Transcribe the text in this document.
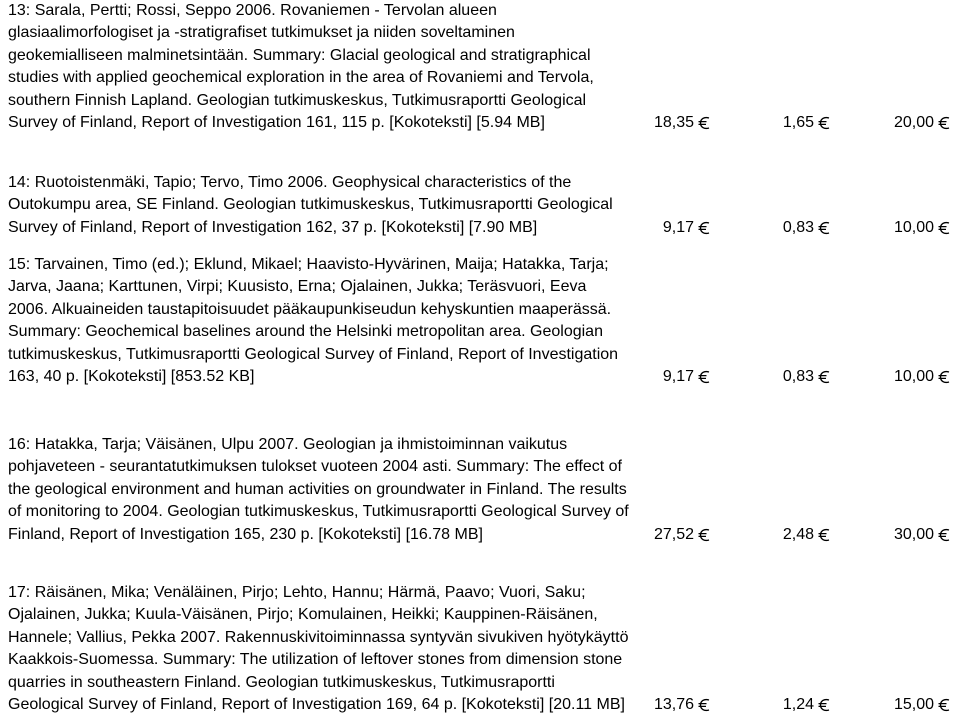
13: Sarala, Pertti; Rossi, Seppo 2006. Rovaniemen - Tervolan alueen
glasiaalimorfologiset ja -stratigrafiset tutkimukset ja niiden soveltaminen
geokemialliseen malminetsintään. Summary: Glacial geological and stratigraphical
studies with applied geochemical exploration in the area of Rovaniemi and Tervola,
southern Finnish Lapland. Geologian tutkimuskeskus, Tutkimusraportti Geological
Survey of Finland, Report of Investigation 161, 115 p. [Kokoteksti] [5.94 MB]	18,35	1,65	20,00
14: Ruotoistenmäki, Tapio; Tervo, Timo 2006. Geophysical characteristics of the
Outokumpu area, SE Finland. Geologian tutkimuskeskus, Tutkimusraportti Geological
Survey of Finland, Report of Investigation 162, 37 p. [Kokoteksti] [7.90 MB]	9,17	0,83	10,00
15: Tarvainen, Timo (ed.); Eklund, Mikael; Haavisto-Hyvärinen, Maija; Hatakka, Tarja;
Jarva, Jaana; Karttunen, Virpi; Kuusisto, Erna; Ojalainen, Jukka; Teräsvuori, Eeva
2006. Alkuaineiden taustapitoisuudet pääkaupunkiseudun kehyskuntien maaperässä.
Summary: Geochemical baselines around the Helsinki metropolitan area. Geologian
tutkimuskeskus, Tutkimusraportti Geological Survey of Finland, Report of Investigation
163, 40 p. [Kokoteksti] [853.52 KB]	9,17	0,83	10,00
16: Hatakka, Tarja; Väisänen, Ulpu 2007. Geologian ja ihmistoiminnan vaikutus
pohjaveteen - seurantatutkimuksen tulokset vuoteen 2004 asti. Summary: The effect of
the geological environment and human activities on groundwater in Finland. The results
of monitoring to 2004. Geologian tutkimuskeskus, Tutkimusraportti Geological Survey of
Finland, Report of Investigation 165, 230 p. [Kokoteksti] [16.78 MB]	27,52	2,48	30,00
17: Räisänen, Mika; Venäläinen, Pirjo; Lehto, Hannu; Härmä, Paavo; Vuori, Saku;
Ojalainen, Jukka; Kuula-Väisänen, Pirjo; Komulainen, Heikki; Kauppinen-Räisänen,
Hannele; Vallius, Pekka 2007. Rakennuskivitoiminnassa syntyvän sivukiven hyötykäyttö
Kaakkois-Suomessa. Summary: The utilization of leftover stones from dimension stone
quarries in southeastern Finland. Geologian tutkimuskeskus, Tutkimusraportti
Geological Survey of Finland, Report of Investigation 169, 64 p. [Kokoteksti] [20.11 MB]	13,76	1,24	15,00
